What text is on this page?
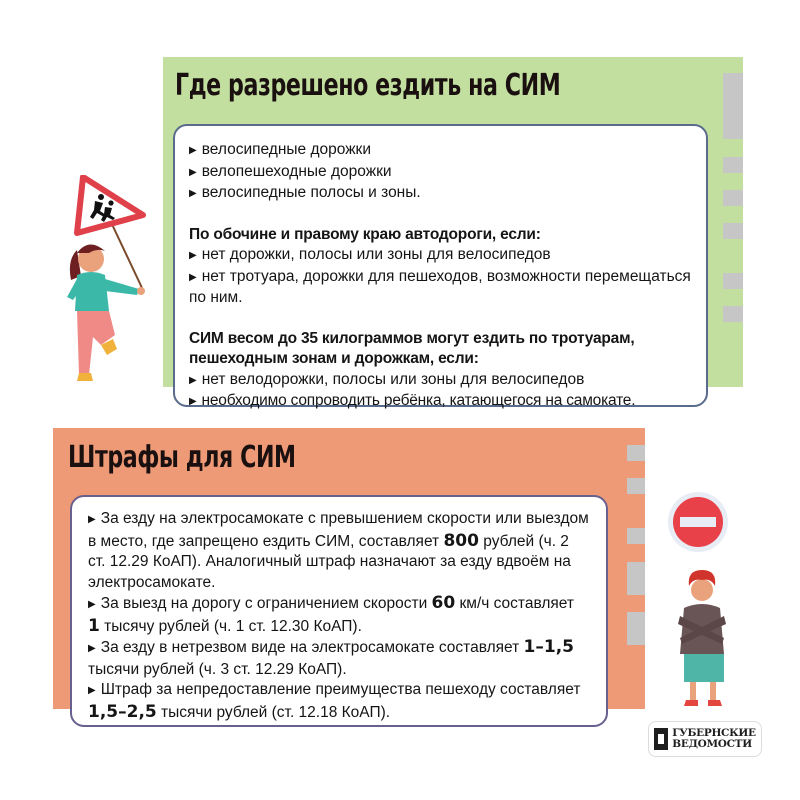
Где разрешено ездить на СИМ
▶ велосипедные дорожки
▶ велопешеходные дорожки
▶ велосипедные полосы и зоны.
По обочине и правому краю автодороги, если:
▶ нет дорожки, полосы или зоны для велосипедов
▶ нет тротуара, дорожки для пешеходов, возможности перемещаться по ним.
СИМ весом до 35 килограммов могут ездить по тротуарам, пешеходным зонам и дорожкам, если:
▶ нет велодорожки, полосы или зоны для велосипедов
▶ необходимо сопроводить ребёнка, катающегося на самокате.
Штрафы для СИМ

▶ За езду на электросамокате с превышением скорости или выездом в место, где запрещено ездить СИМ, составляет 800 рублей (ч. 2 ст. 12.29 КоАП). Аналогичный штраф назначают за езду вдвоём на электросамокате.

▶ За выезд на дорогу с ограничением скорости 60 км/ч составляет 1 тысячу рублей (ч. 1 ст. 12.30 КоАП).

▶ За езду в нетрезвом виде на электросамокате составляет 1–1,5 тысячи рублей (ч. 3 ст. 12.29 КоАП).

▶ Штраф за непредоставление преимущества пешеходу составляет 1,5–2,5 тысячи рублей (ст. 12.18 КоАП).

ГУБЕРНСКИЕ
ВЕДОМОСТИ
